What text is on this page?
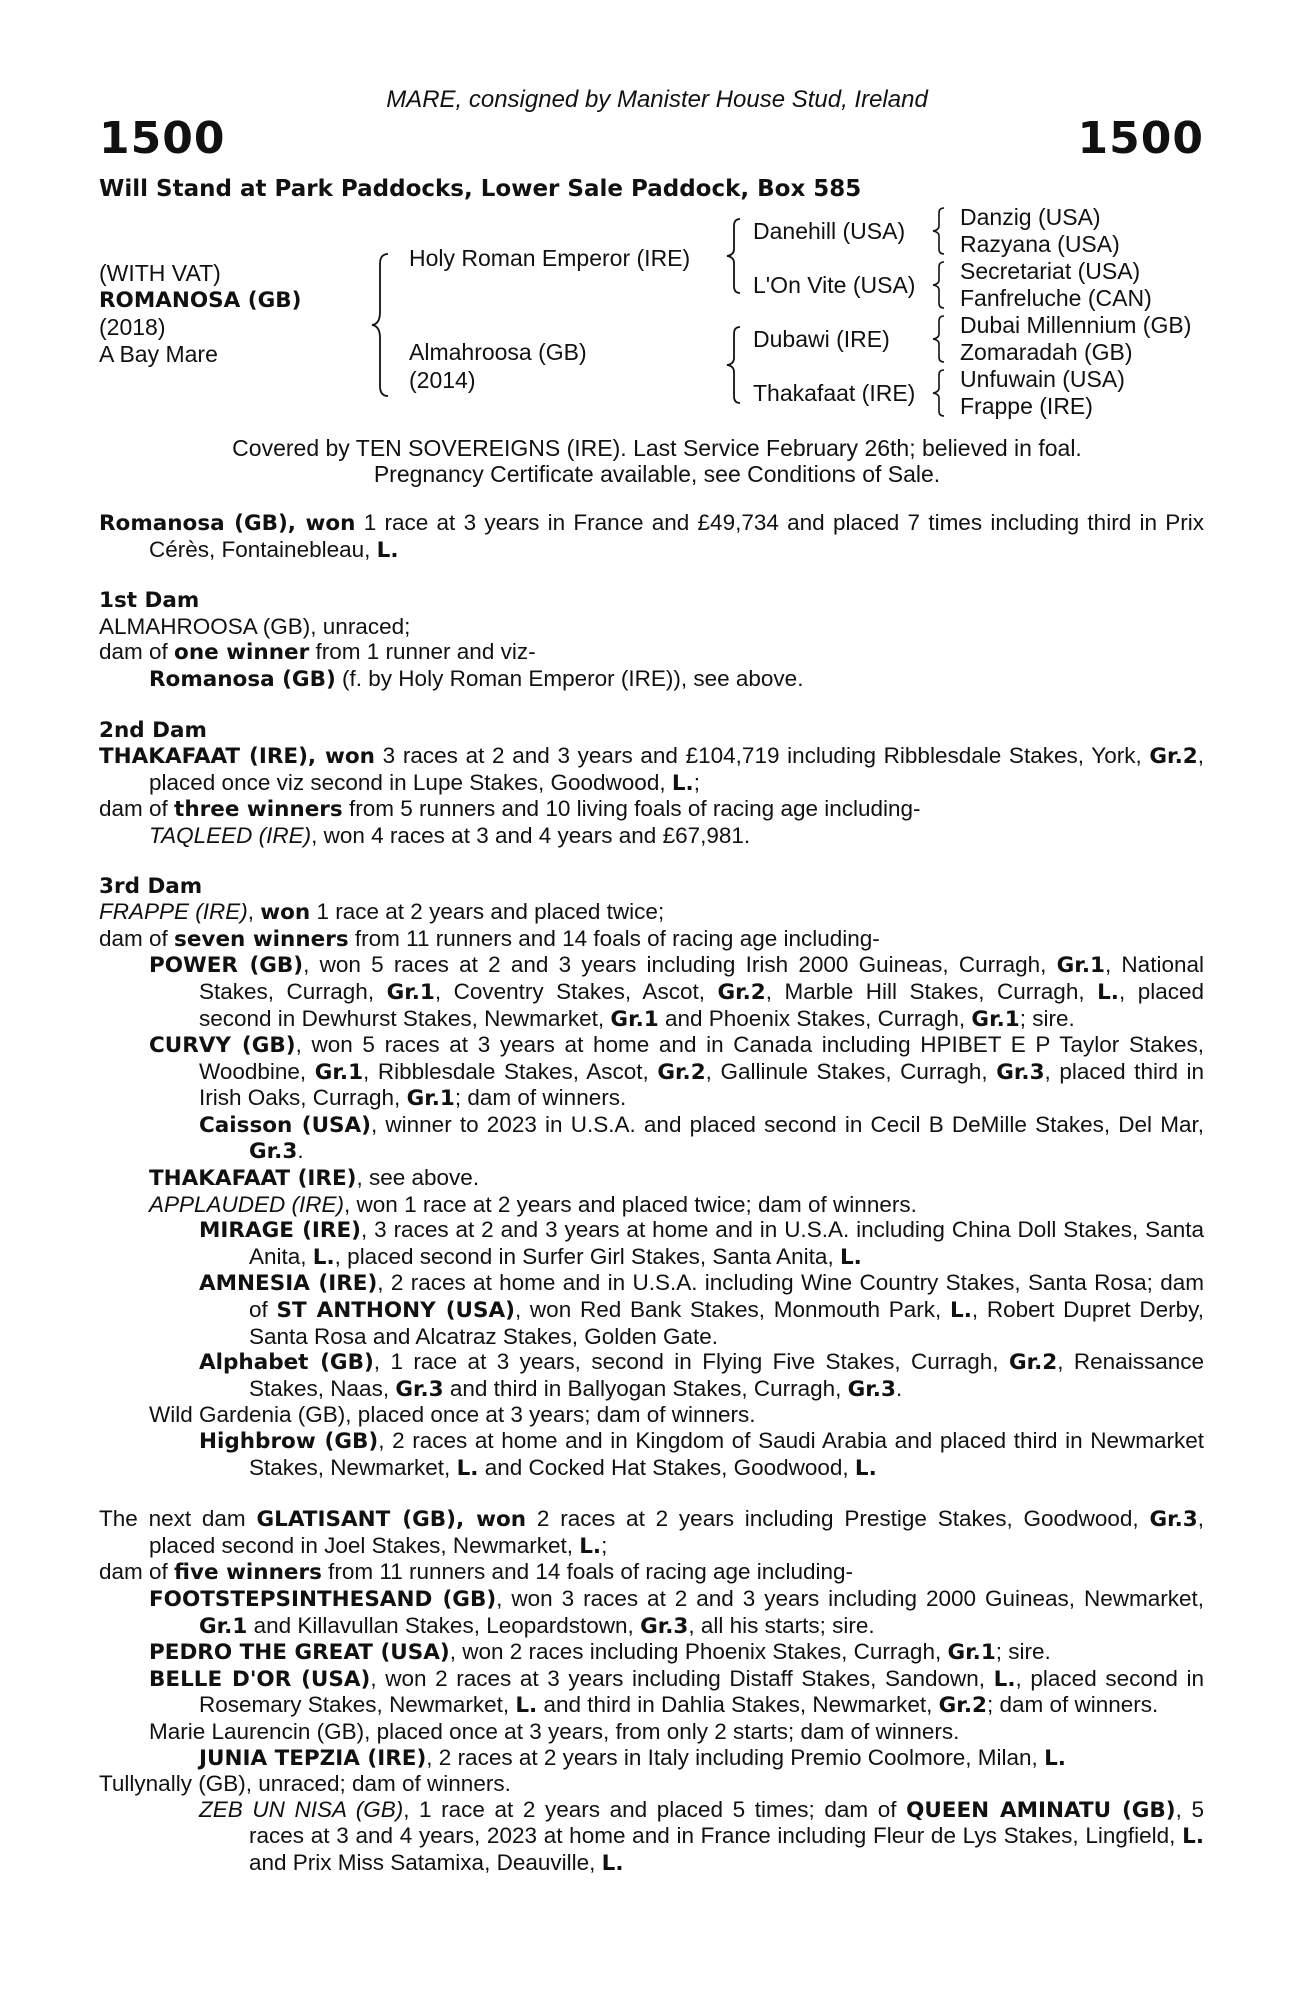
MARE, consigned by Manister House Stud, Ireland
1500	1500
Will Stand at Park Paddocks, Lower Sale Paddock, Box 585
(WITH VAT)
ROMANOSA (GB)
(2018)
A Bay Mare
Holy Roman Emperor (IRE)
Almahroosa (GB)
(2014)
Danehill (USA)
L'On Vite (USA)
Dubawi (IRE)
Thakafaat (IRE)
Danzig (USA)
Razyana (USA)
Secretariat (USA)
Fanfreluche (CAN)
Dubai Millennium (GB)
Zomaradah (GB)
Unfuwain (USA)
Frappe (IRE)
Covered by TEN SOVEREIGNS (IRE). Last Service February 26th; believed in foal.
Pregnancy Certificate available, see Conditions of Sale.

Romanosa (GB), won 1 race at 3 years in France and £49,734 and placed 7 times including third in Prix Cérès, Fontainebleau, L.

1st Dam

ALMAHROOSA (GB), unraced;

dam of one winner from 1 runner and viz-

Romanosa (GB) (f. by Holy Roman Emperor (IRE)), see above.

2nd Dam

THAKAFAAT (IRE), won 3 races at 2 and 3 years and £104,719 including Ribblesdale Stakes, York, Gr.2, placed once viz second in Lupe Stakes, Goodwood, L.;

dam of three winners from 5 runners and 10 living foals of racing age including-

TAQLEED (IRE), won 4 races at 3 and 4 years and £67,981.

3rd Dam

FRAPPE (IRE), won 1 race at 2 years and placed twice;

dam of seven winners from 11 runners and 14 foals of racing age including-

POWER (GB), won 5 races at 2 and 3 years including Irish 2000 Guineas, Curragh, Gr.1, National Stakes, Curragh, Gr.1, Coventry Stakes, Ascot, Gr.2, Marble Hill Stakes, Curragh, L., placed second in Dewhurst Stakes, Newmarket, Gr.1 and Phoenix Stakes, Curragh, Gr.1; sire.

CURVY (GB), won 5 races at 3 years at home and in Canada including HPIBET E P Taylor Stakes, Woodbine, Gr.1, Ribblesdale Stakes, Ascot, Gr.2, Gallinule Stakes, Curragh, Gr.3, placed third in Irish Oaks, Curragh, Gr.1; dam of winners.

Caisson (USA), winner to 2023 in U.S.A. and placed second in Cecil B DeMille Stakes, Del Mar, Gr.3.

THAKAFAAT (IRE), see above.

APPLAUDED (IRE), won 1 race at 2 years and placed twice; dam of winners.

MIRAGE (IRE), 3 races at 2 and 3 years at home and in U.S.A. including China Doll Stakes, Santa Anita, L., placed second in Surfer Girl Stakes, Santa Anita, L.

AMNESIA (IRE), 2 races at home and in U.S.A. including Wine Country Stakes, Santa Rosa; dam of ST ANTHONY (USA), won Red Bank Stakes, Monmouth Park, L., Robert Dupret Derby, Santa Rosa and Alcatraz Stakes, Golden Gate.

Alphabet (GB), 1 race at 3 years, second in Flying Five Stakes, Curragh, Gr.2, Renaissance Stakes, Naas, Gr.3 and third in Ballyogan Stakes, Curragh, Gr.3.

Wild Gardenia (GB), placed once at 3 years; dam of winners.

Highbrow (GB), 2 races at home and in Kingdom of Saudi Arabia and placed third in Newmarket Stakes, Newmarket, L. and Cocked Hat Stakes, Goodwood, L.

The next dam GLATISANT (GB), won 2 races at 2 years including Prestige Stakes, Goodwood, Gr.3, placed second in Joel Stakes, Newmarket, L.;

dam of five winners from 11 runners and 14 foals of racing age including-

FOOTSTEPSINTHESAND (GB), won 3 races at 2 and 3 years including 2000 Guineas, Newmarket, Gr.1 and Killavullan Stakes, Leopardstown, Gr.3, all his starts; sire.

PEDRO THE GREAT (USA), won 2 races including Phoenix Stakes, Curragh, Gr.1; sire.

BELLE D'OR (USA), won 2 races at 3 years including Distaff Stakes, Sandown, L., placed second in Rosemary Stakes, Newmarket, L. and third in Dahlia Stakes, Newmarket, Gr.2; dam of winners.

Marie Laurencin (GB), placed once at 3 years, from only 2 starts; dam of winners.

JUNIA TEPZIA (IRE), 2 races at 2 years in Italy including Premio Coolmore, Milan, L.

Tullynally (GB), unraced; dam of winners.

ZEB UN NISA (GB), 1 race at 2 years and placed 5 times; dam of QUEEN AMINATU (GB), 5 races at 3 and 4 years, 2023 at home and in France including Fleur de Lys Stakes, Lingfield, L. and Prix Miss Satamixa, Deauville, L.
